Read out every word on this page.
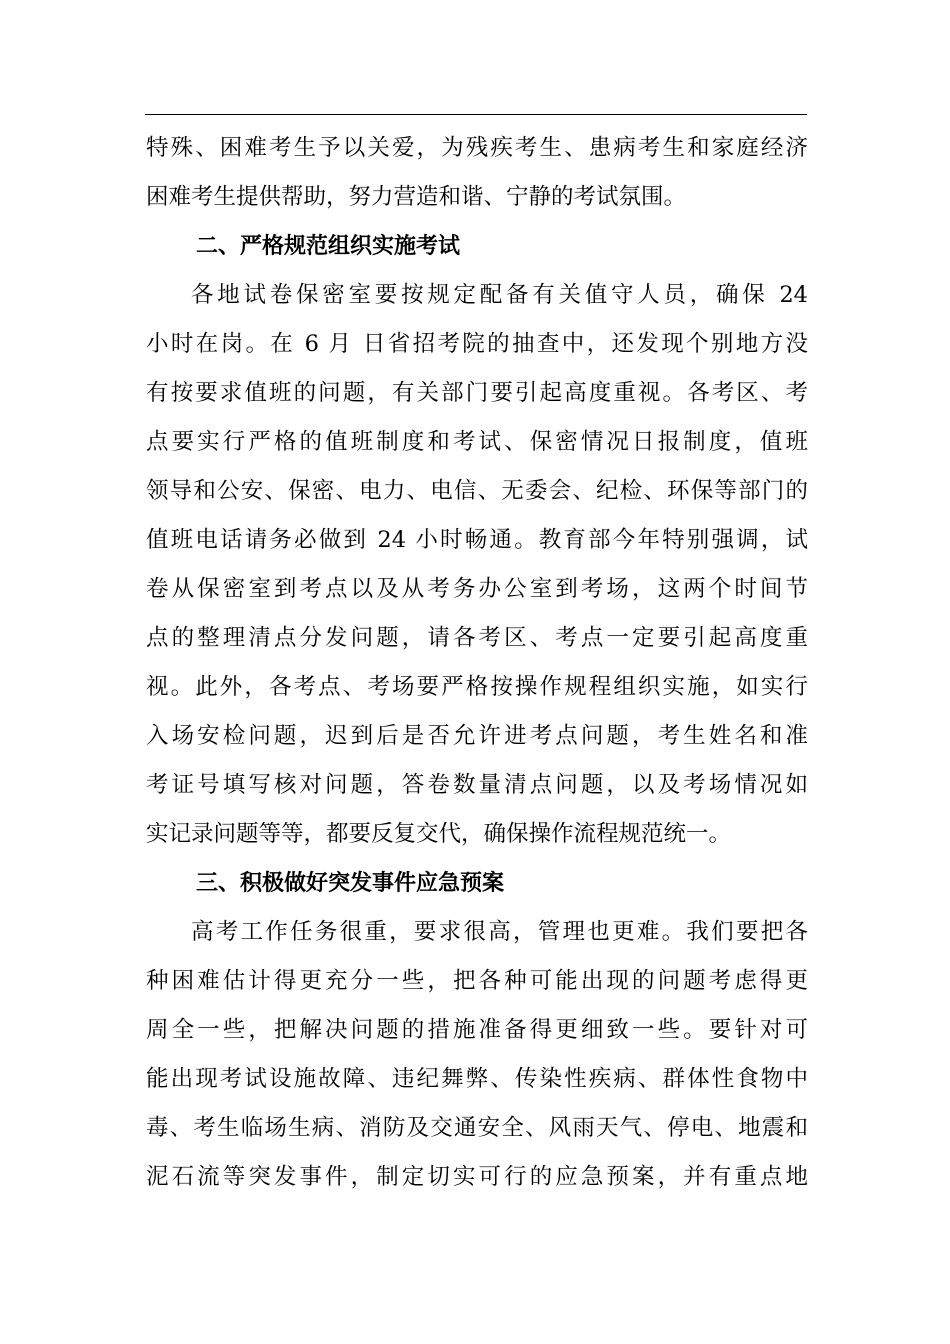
特殊、困难考生予以关爱，为残疾考生、患病考生和家庭经济
困难考生提供帮助，努力营造和谐、宁静的考试氛围。
二、严格规范组织实施考试
各地试卷保密室要按规定配备有关值守人员，确保 24
小时在岗。在 6 月 日省招考院的抽查中，还发现个别地方没
有按要求值班的问题，有关部门要引起高度重视。各考区、考
点要实行严格的值班制度和考试、保密情况日报制度，值班
领导和公安、保密、电力、电信、无委会、纪检、环保等部门的
值班电话请务必做到 24 小时畅通。教育部今年特别强调，试
卷从保密室到考点以及从考务办公室到考场，这两个时间节
点的整理清点分发问题，请各考区、考点一定要引起高度重
视。此外，各考点、考场要严格按操作规程组织实施，如实行
入场安检问题，迟到后是否允许进考点问题，考生姓名和准
考证号填写核对问题，答卷数量清点问题，以及考场情况如
实记录问题等等，都要反复交代，确保操作流程规范统一。
三、积极做好突发事件应急预案
高考工作任务很重，要求很高，管理也更难。我们要把各
种困难估计得更充分一些，把各种可能出现的问题考虑得更
周全一些，把解决问题的措施准备得更细致一些。要针对可
能出现考试设施故障、违纪舞弊、传染性疾病、群体性食物中
毒、考生临场生病、消防及交通安全、风雨天气、停电、地震和
泥石流等突发事件，制定切实可行的应急预案，并有重点地
